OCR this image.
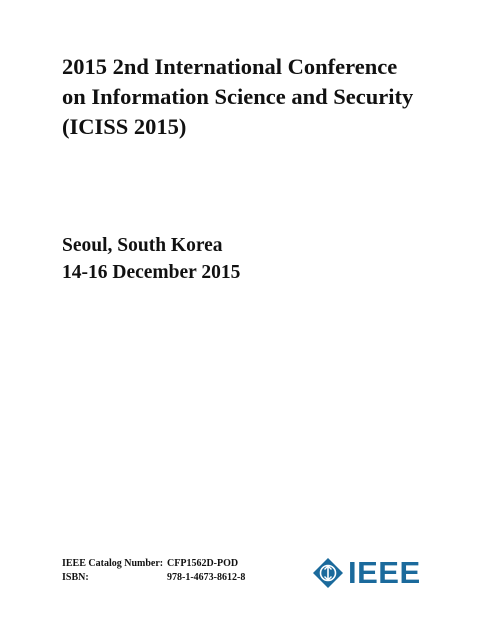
2015 2nd International Conference
on Information Science and Security
(ICISS 2015)
Seoul, South Korea
14-16 December 2015
IEEE Catalog Number: CFP1562D-POD
ISBN:	978-1-4673-8612-8	IEEE
